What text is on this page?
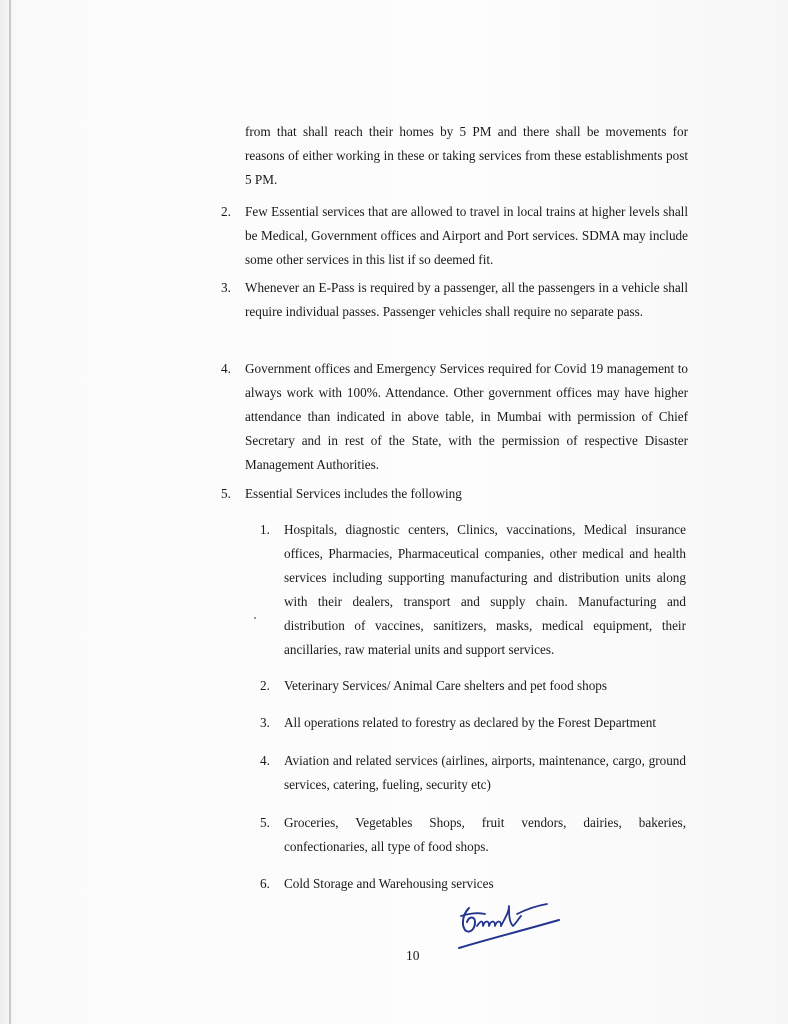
from that shall reach their homes by 5 PM and there shall be movements for reasons of either working in these or taking services from these establishments post 5 PM.
2. Few Essential services that are allowed to travel in local trains at higher levels shall be Medical, Government offices and Airport and Port services. SDMA may include some other services in this list if so deemed fit.
3. Whenever an E-Pass is required by a passenger, all the passengers in a vehicle shall require individual passes. Passenger vehicles shall require no separate pass.
4. Government offices and Emergency Services required for Covid 19 management to always work with 100%. Attendance. Other government offices may have higher attendance than indicated in above table, in Mumbai with permission of Chief Secretary and in rest of the State, with the permission of respective Disaster Management Authorities.
5. Essential Services includes the following
1. Hospitals, diagnostic centers, Clinics, vaccinations, Medical insurance offices, Pharmacies, Pharmaceutical companies, other medical and health services including supporting manufacturing and distribution units along with their dealers, transport and supply chain. Manufacturing and distribution of vaccines, sanitizers, masks, medical equipment, their ancillaries, raw material units and support services.
2. Veterinary Services/ Animal Care shelters and pet food shops
3. All operations related to forestry as declared by the Forest Department
4. Aviation and related services (airlines, airports, maintenance, cargo, ground services, catering, fueling, security etc)
5. Groceries, Vegetables Shops, fruit vendors, dairies, bakeries, confectionaries, all type of food shops.
6. Cold Storage and Warehousing services
10
